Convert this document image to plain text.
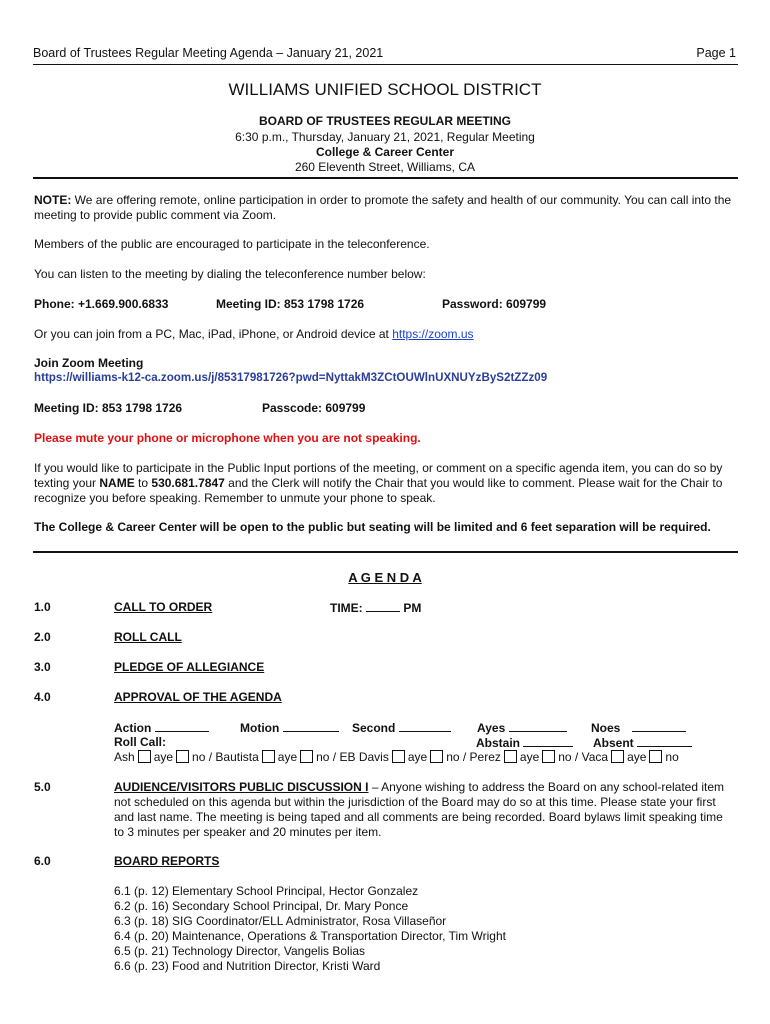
Board of Trustees Regular Meeting Agenda – January 21, 2021	Page 1
WILLIAMS UNIFIED SCHOOL DISTRICT
BOARD OF TRUSTEES REGULAR MEETING
6:30 p.m., Thursday, January 21, 2021, Regular Meeting
College & Career Center
260 Eleventh Street, Williams, CA

NOTE: We are offering remote, online participation in order to promote the safety and health of our community. You can call into the meeting to provide public comment via Zoom.

Members of the public are encouraged to participate in the teleconference.
You can listen to the meeting by dialing the teleconference number below:
Phone: +1.669.900.6833	Meeting ID: 853 1798 1726	Password: 609799
Or you can join from a PC, Mac, iPad, iPhone, or Android device at https://zoom.us
Join Zoom Meeting
https://williams-k12-ca.zoom.us/j/85317981726?pwd=NyttakM3ZCtOUWlnUXNUYzByS2tZZz09
Meeting ID: 853 1798 1726	Passcode: 609799
Please mute your phone or microphone when you are not speaking.

If you would like to participate in the Public Input portions of the meeting, or comment on a specific agenda item, you can do so by texting your NAME to 530.681.7847 and the Clerk will notify the Chair that you would like to comment. Please wait for the Chair to recognize you before speaking. Remember to unmute your phone to speak.

The College & Career Center will be open to the public but seating will be limited and 6 feet separation will be required.

A G E N D A
1.0	CALL TO ORDER	TIME:	PM
2.0	ROLL CALL
3.0	PLEDGE OF ALLEGIANCE
4.0	APPROVAL OF THE AGENDA
Action	Motion	Second	Ayes	Noes
Roll Call:	Abstain	Absent
Ash aye no / Bautista aye no / EB Davis aye no / Perez aye no / Vaca aye no
5.0	AUDIENCE/VISITORS PUBLIC DISCUSSION I – Anyone wishing to address the Board on any school-related item not scheduled on this agenda but within the jurisdiction of the Board may do so at this time. Please state your first and last name. The meeting is being taped and all comments are being recorded. Board bylaws limit speaking time to 3 minutes per speaker and 20 minutes per item.

6.0	BOARD REPORTS

6.1 (p. 12) Elementary School Principal, Hector Gonzalez

6.2 (p. 16) Secondary School Principal, Dr. Mary Ponce

6.3 (p. 18) SIG Coordinator/ELL Administrator, Rosa Villaseñor

6.4 (p. 20) Maintenance, Operations & Transportation Director, Tim Wright

6.5 (p. 21) Technology Director, Vangelis Bolias

6.6 (p. 23) Food and Nutrition Director, Kristi Ward
